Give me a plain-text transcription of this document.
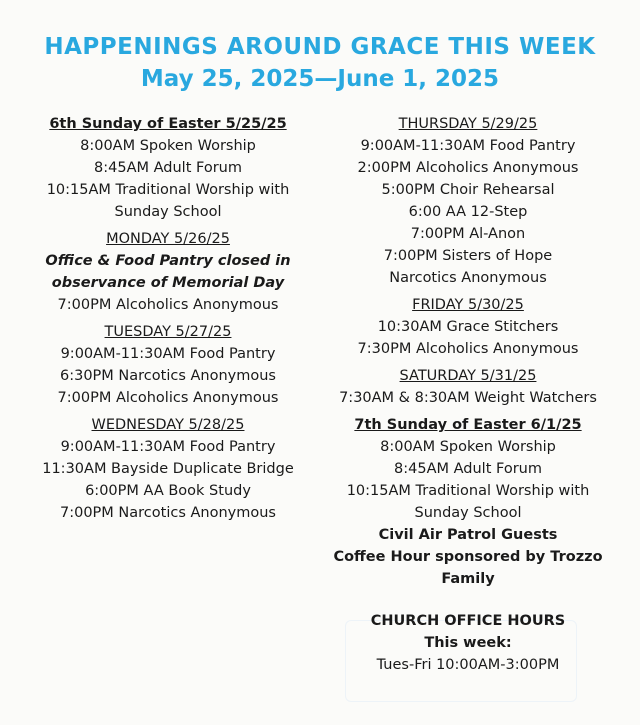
HAPPENINGS AROUND GRACE THIS WEEK
May 25, 2025—June 1, 2025
6th Sunday of Easter 5/25/25
8:00AM Spoken Worship
8:45AM Adult Forum
10:15AM Traditional Worship with
Sunday School
MONDAY 5/26/25
Office & Food Pantry closed in
observance of Memorial Day
7:00PM Alcoholics Anonymous
TUESDAY 5/27/25
9:00AM-11:30AM Food Pantry
6:30PM Narcotics Anonymous
7:00PM Alcoholics Anonymous
WEDNESDAY 5/28/25
9:00AM-11:30AM Food Pantry
11:30AM Bayside Duplicate Bridge
6:00PM AA Book Study
7:00PM Narcotics Anonymous
THURSDAY 5/29/25
9:00AM-11:30AM Food Pantry
2:00PM Alcoholics Anonymous
5:00PM Choir Rehearsal
6:00 AA 12-Step
7:00PM Al-Anon
7:00PM Sisters of Hope
Narcotics Anonymous
FRIDAY 5/30/25
10:30AM Grace Stitchers
7:30PM Alcoholics Anonymous
SATURDAY 5/31/25
7:30AM & 8:30AM Weight Watchers
7th Sunday of Easter 6/1/25
8:00AM Spoken Worship
8:45AM Adult Forum
10:15AM Traditional Worship with
Sunday School
Civil Air Patrol Guests
Coffee Hour sponsored by Trozzo
Family
CHURCH OFFICE HOURS
This week:
Tues-Fri 10:00AM-3:00PM
